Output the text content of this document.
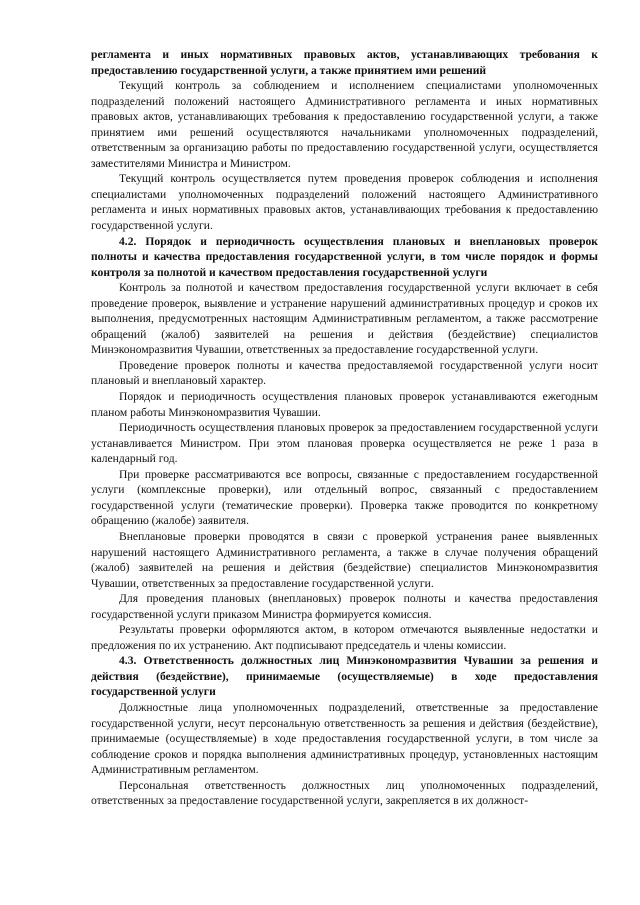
регламента и иных нормативных правовых актов, устанавливающих требования к предоставлению государственной услуги, а также принятием ими решений

Текущий контроль за соблюдением и исполнением специалистами уполномоченных подразделений положений настоящего Административного регламента и иных нормативных правовых актов, устанавливающих требования к предоставлению государственной услуги, а также принятием ими решений осуществляются начальниками уполномоченных подразделений, ответственным за организацию работы по предоставлению государственной услуги, осуществляется заместителями Министра и Министром.

Текущий контроль осуществляется путем проведения проверок соблюдения и исполнения специалистами уполномоченных подразделений положений настоящего Административного регламента и иных нормативных правовых актов, устанавливающих требования к предоставлению государственной услуги.

4.2. Порядок и периодичность осуществления плановых и внеплановых проверок полноты и качества предоставления государственной услуги, в том числе порядок и формы контроля за полнотой и качеством предоставления государственной услуги

Контроль за полнотой и качеством предоставления государственной услуги включает в себя проведение проверок, выявление и устранение нарушений административных процедур и сроков их выполнения, предусмотренных настоящим Административным регламентом, а также рассмотрение обращений (жалоб) заявителей на решения и действия (бездействие) специалистов Минэкономразвития Чувашии, ответственных за предоставление государственной услуги.

Проведение проверок полноты и качества предоставляемой государственной услуги носит плановый и внеплановый характер.

Порядок и периодичность осуществления плановых проверок устанавливаются ежегодным планом работы Минэкономразвития Чувашии.

Периодичность осуществления плановых проверок за предоставлением государственной услуги устанавливается Министром. При этом плановая проверка осуществляется не реже 1 раза в календарный год.

При проверке рассматриваются все вопросы, связанные с предоставлением государственной услуги (комплексные проверки), или отдельный вопрос, связанный с предоставлением государственной услуги (тематические проверки). Проверка также проводится по конкретному обращению (жалобе) заявителя.

Внеплановые проверки проводятся в связи с проверкой устранения ранее выявленных нарушений настоящего Административного регламента, а также в случае получения обращений (жалоб) заявителей на решения и действия (бездействие) специалистов Минэкономразвития Чувашии, ответственных за предоставление государственной услуги.

Для проведения плановых (внеплановых) проверок полноты и качества предоставления государственной услуги приказом Министра формируется комиссия.

Результаты проверки оформляются актом, в котором отмечаются выявленные недостатки и предложения по их устранению. Акт подписывают председатель и члены комиссии.

4.3. Ответственность должностных лиц Минэкономразвития Чувашии за решения и действия (бездействие), принимаемые (осуществляемые) в ходе предоставления государственной услуги

Должностные лица уполномоченных подразделений, ответственные за предоставление государственной услуги, несут персональную ответственность за решения и действия (бездействие), принимаемые (осуществляемые) в ходе предоставления государственной услуги, в том числе за соблюдение сроков и порядка выполнения административных процедур, установленных настоящим Административным регламентом.

Персональная ответственность должностных лиц уполномоченных подразделений, ответственных за предоставление государственной услуги, закрепляется в их должност-
